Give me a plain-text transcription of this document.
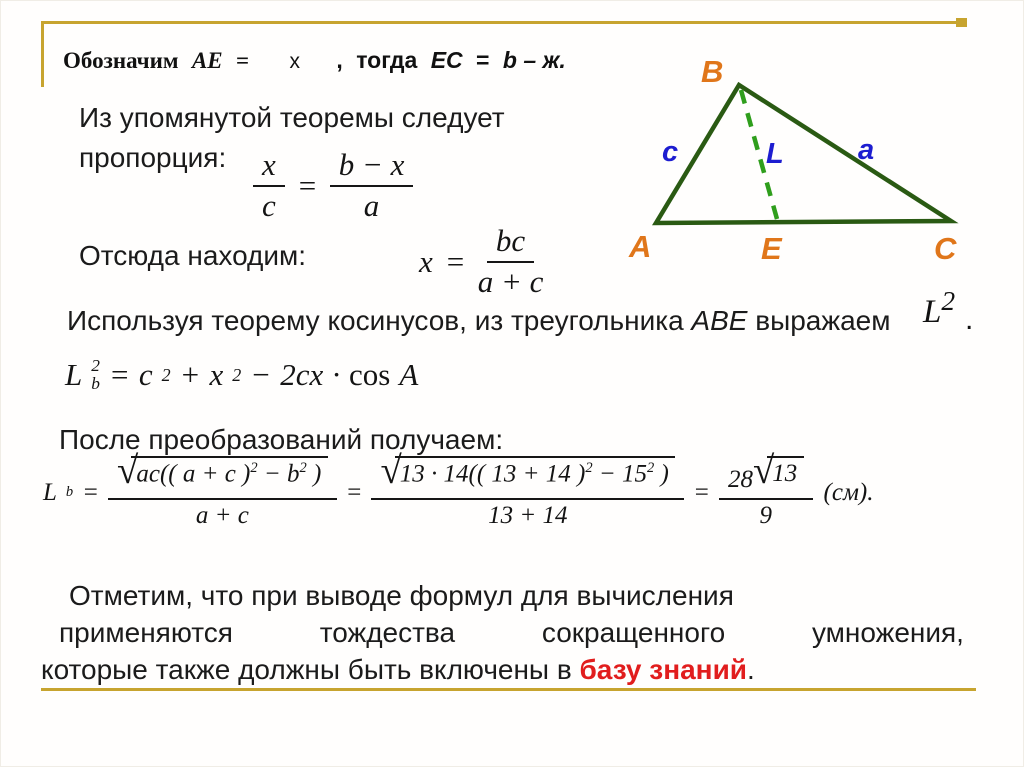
Обозначим AE = х , тогда EC = b – ж.
Из упомянутой теоремы следует
пропорция: $\frac{x}{c} = \frac{b - x}{a}$
Отсюда находим:	$x = \frac{bc}{a + c}$
B
A	E	C
c	L	a
Используя теорему косинусов, из треугольника ABE выражаем $L^2$
.
L 2
b = c 2 + x 2 − 2cx · cos A
После преобразований получаем:
L b = √
ac(( a + c )$^2 - b^2$ )
a + c = √
13 · 14(( 13 + 14 )$^2 - 15^2$ )
13 + 14 = 28 √
13
9 (см).
Отметим, что при выводе формул для вычисления
применяются	тождества	сокращенного	умножения,
которые также должны быть включены в базу знаний.
